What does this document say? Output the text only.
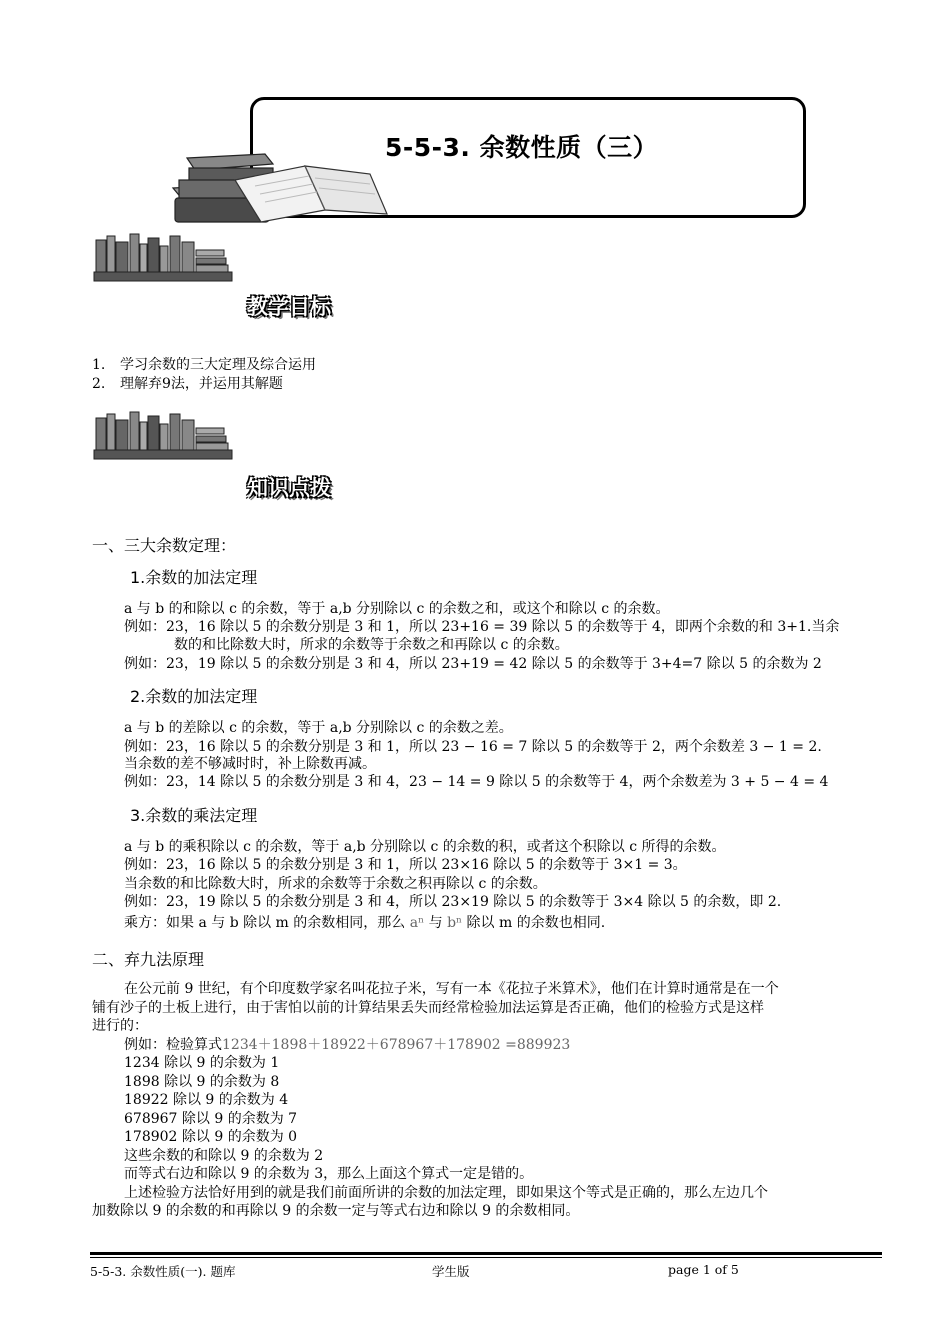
5-5-3. 余数性质（三）
教学目标
1. 学习余数的三大定理及综合运用
2. 理解弃9法，并运用其解题
知识点拨
一、三大余数定理：
1.余数的加法定理
a 与 b 的和除以 c 的余数，等于 a,b 分别除以 c 的余数之和，或这个和除以 c 的余数。
例如：23，16 除以 5 的余数分别是 3 和 1，所以 23+16 = 39 除以 5 的余数等于 4，即两个余数的和 3+1.当余
数的和比除数大时，所求的余数等于余数之和再除以 c 的余数。
例如：23，19 除以 5 的余数分别是 3 和 4，所以 23+19 = 42 除以 5 的余数等于 3+4=7 除以 5 的余数为 2
2.余数的加法定理
a 与 b 的差除以 c 的余数，等于 a,b 分别除以 c 的余数之差。
例如：23，16 除以 5 的余数分别是 3 和 1，所以 23 − 16 = 7 除以 5 的余数等于 2，两个余数差 3 − 1 = 2.
当余数的差不够减时时，补上除数再减。
例如：23，14 除以 5 的余数分别是 3 和 4，23 − 14 = 9 除以 5 的余数等于 4，两个余数差为 3 + 5 − 4 = 4
3.余数的乘法定理
a 与 b 的乘积除以 c 的余数，等于 a,b 分别除以 c 的余数的积，或者这个积除以 c 所得的余数。
例如：23，16 除以 5 的余数分别是 3 和 1，所以 23×16 除以 5 的余数等于 3×1 = 3。
当余数的和比除数大时，所求的余数等于余数之积再除以 c 的余数。
例如：23，19 除以 5 的余数分别是 3 和 4，所以 23×19 除以 5 的余数等于 3×4 除以 5 的余数，即 2.
乘方：如果 a 与 b 除以 m 的余数相同，那么 aⁿ 与 bⁿ 除以 m 的余数也相同.
二、弃九法原理
在公元前 9 世纪，有个印度数学家名叫花拉子米，写有一本《花拉子米算术》，他们在计算时通常是在一个
铺有沙子的土板上进行，由于害怕以前的计算结果丢失而经常检验加法运算是否正确，他们的检验方式是这样
进行的：
例如：检验算式1234＋1898＋18922＋678967＋178902 =889923
1234 除以 9 的余数为 1
1898 除以 9 的余数为 8
18922 除以 9 的余数为 4
678967 除以 9 的余数为 7
178902 除以 9 的余数为 0
这些余数的和除以 9 的余数为 2
而等式右边和除以 9 的余数为 3，那么上面这个算式一定是错的。
上述检验方法恰好用到的就是我们前面所讲的余数的加法定理，即如果这个等式是正确的，那么左边几个
加数除以 9 的余数的和再除以 9 的余数一定与等式右边和除以 9 的余数相同。
5-5-3. 余数性质(一). 题库	学生版	page 1 of 5
